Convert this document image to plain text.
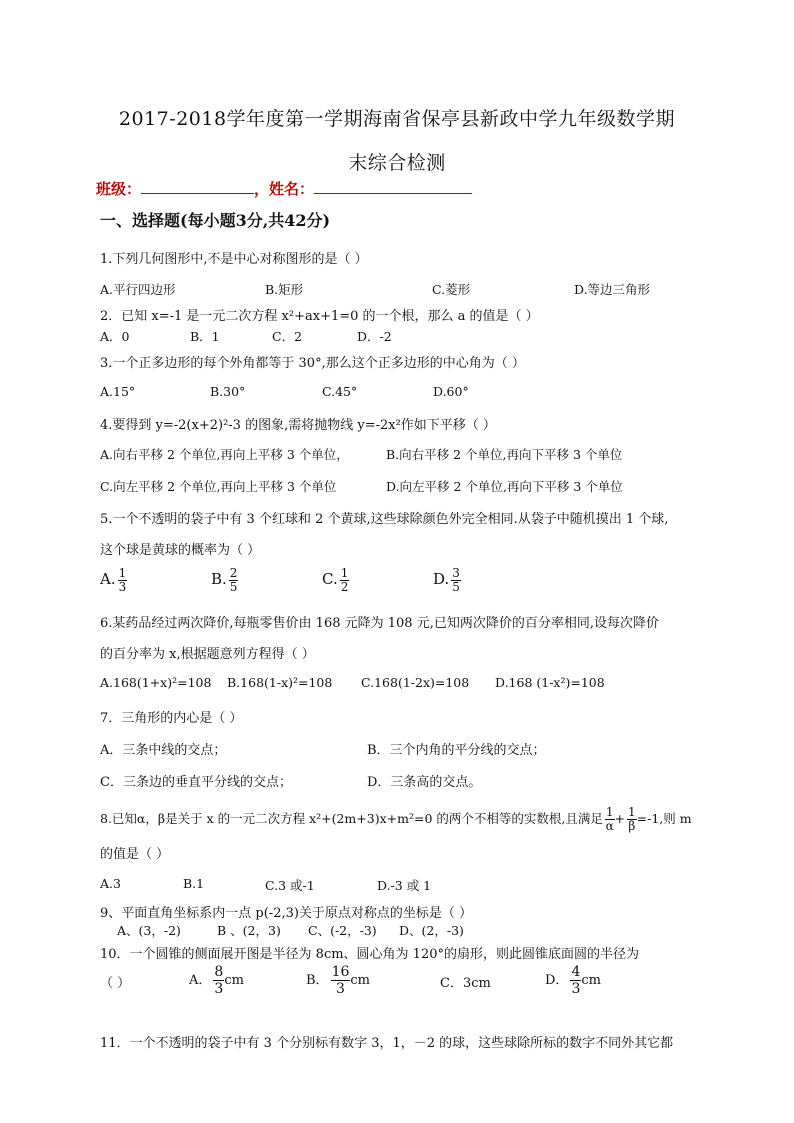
2017-2018学年度第一学期海南省保亭县新政中学九年级数学期
末综合检测
班级：	，姓名：
一、选择题(每小题3分,共42分)
1.下列几何图形中,不是中心对称图形的是（ ）
A.平行四边形	B.矩形	C.菱形	D.等边三角形
2．已知 x=-1 是一元二次方程 x²+ax+1=0 的一个根，那么 a 的值是（ ）
A．0	B．1	C．2	D．-2
3.一个正多边形的每个外角都等于 30°,那么这个正多边形的中心角为（ ）
A.15°	B.30°	C.45°	D.60°
4.要得到 y=-2(x+2)²-3 的图象,需将抛物线 y=-2x²作如下平移（ ）
A.向右平移 2 个单位,再向上平移 3 个单位，	B.向右平移 2 个单位,再向下平移 3 个单位
C.向左平移 2 个单位,再向上平移 3 个单位	D.向左平移 2 个单位,再向下平移 3 个单位
5.一个不透明的袋子中有 3 个红球和 2 个黄球,这些球除颜色外完全相同.从袋子中随机摸出 1 个球,
这个球是黄球的概率为（ ）
A. $\frac{1}{3}$	B. $\frac{2}{5}$	C. $\frac{1}{2}$	D. $\frac{3}{5}$
6.某药品经过两次降价,每瓶零售价由 168 元降为 108 元,已知两次降价的百分率相同,设每次降价
的百分率为 x,根据题意列方程得（ ）
A.168(1+x)²=108 B.168(1-x)²=108 C.168(1-2x)=108 D.168 (1-x²)=108
7．三角形的内心是（ ）
A．三条中线的交点；	B．三个内角的平分线的交点；
C．三条边的垂直平分线的交点；	D．三条高的交点。
8.已知α，β是关于 x 的一元二次方程 x²+(2m+3)x+m²=0 的两个不相等的实数根,且满足 $\frac{1}{\alpha} + \frac{1}{\beta} =-1$,则 m
的值是（ ）
A.3	B.1	C.3 或-1	D.-3 或 1
9、平面直角坐标系内一点 p(-2,3)关于原点对称点的坐标是（ ）
A、(3，-2)	B 、(2，3) C、(-2，-3) D、(2，-3)
10．一个圆锥的侧面展开图是半径为 8cm、圆心角为 120°的扇形，则此圆锥底面圆的半径为
（ ）	A． $\frac{8}{3}$ cm	B． $\frac{16}{3}$ cm	C．3cm	D． $\frac{4}{3}$ cm
11．一个不透明的袋子中有 3 个分别标有数字 3，1，－2 的球，这些球除所标的数字不同外其它都
